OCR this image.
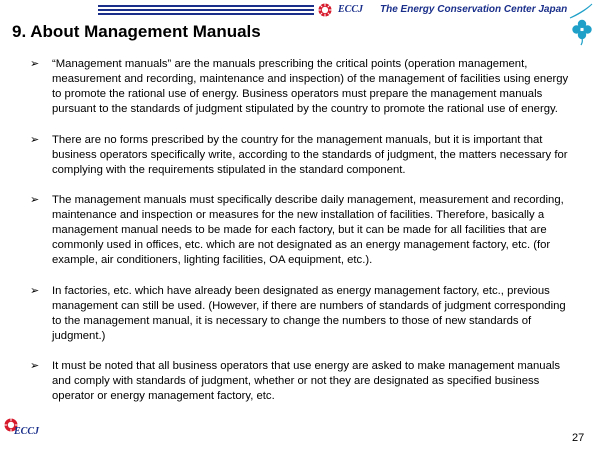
ECCJ The Energy Conservation Center Japan
9. About Management Manuals
➢	“Management manuals” are the manuals prescribing the critical points (operation management, measurement and recording, maintenance and inspection) of the management of facilities using energy to promote the rational use of energy. Business operators must prepare the management manuals pursuant to the standards of judgment stipulated by the country to promote the rational use of energy.
➢	There are no forms prescribed by the country for the management manuals, but it is important that business operators specifically write, according to the standards of judgment, the matters necessary for complying with the requirements stipulated in the standard component.
➢	The management manuals must specifically describe daily management, measurement and recording, maintenance and inspection or measures for the new installation of facilities. Therefore, basically a management manual needs to be made for each factory, but it can be made for all facilities that are commonly used in offices, etc. which are not designated as an energy management factory, etc. (for example, air conditioners, lighting facilities, OA equipment, etc.).
➢	In factories, etc. which have already been designated as energy management factory, etc., previous management can still be used. (However, if there are numbers of standards of judgment corresponding to the management manual, it is necessary to change the numbers to those of new standards of judgment.)
➢	It must be noted that all business operators that use energy are asked to make management manuals and comply with standards of judgment, whether or not they are designated as specified business operator or energy management factory, etc.
ECCJ
27
